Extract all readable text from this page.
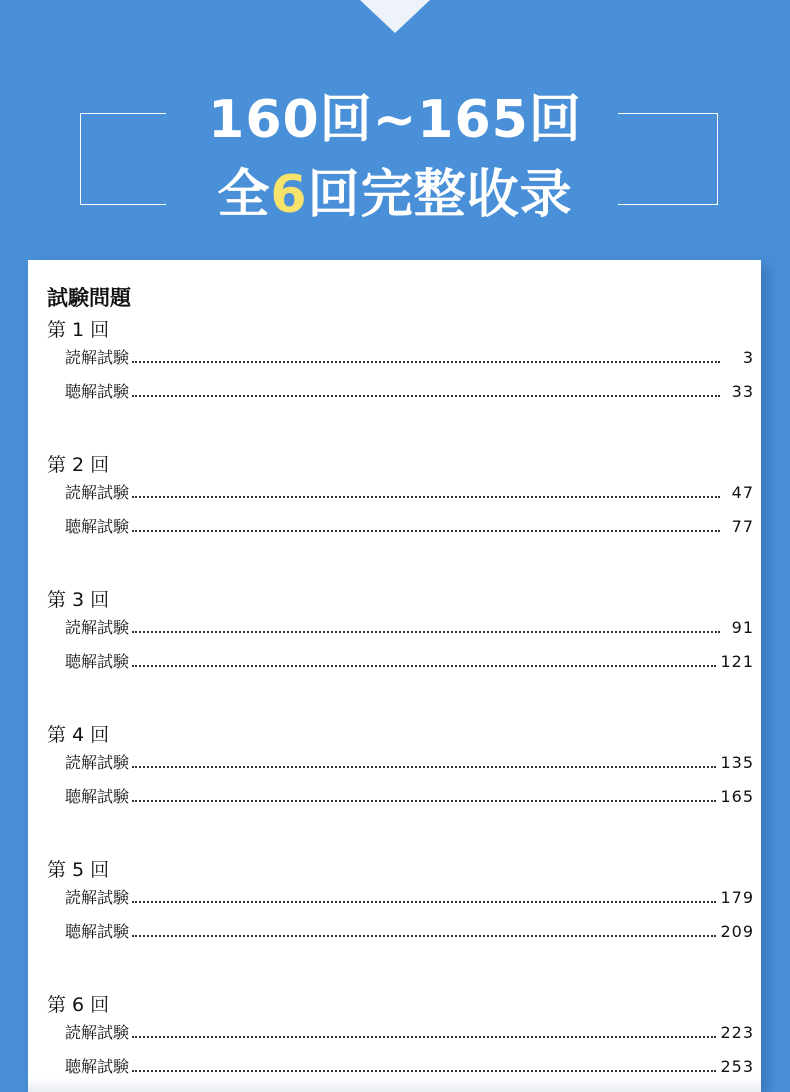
160回~165回
全6回完整收录
試験問題
第 1 回
読解試験	3
聴解試験	33
第 2 回
読解試験	47
聴解試験	77
第 3 回
読解試験	91
聴解試験	121
第 4 回
読解試験	135
聴解試験	165
第 5 回
読解試験	179
聴解試験	209
第 6 回
読解試験	223
聴解試験	253
